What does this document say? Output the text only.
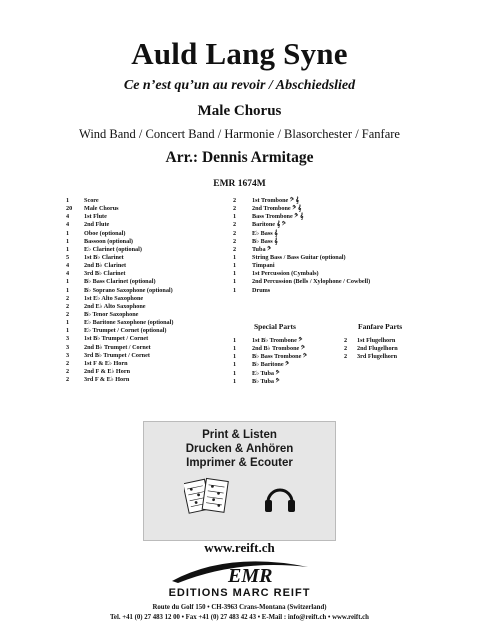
Auld Lang Syne
Ce n’est qu’un au revoir / Abschiedslied
Male Chorus
Wind Band / Concert Band / Harmonie / Blasorchester / Fanfare
Arr.: Dennis Armitage
EMR 1674M
1 Score
20 Male Chorus
4 1st Flute
4 2nd Flute
1 Oboe (optional)
1 Bassoon (optional)
1 E♭ Clarinet (optional)
5 1st B♭ Clarinet
4 2nd B♭ Clarinet
4 3rd B♭ Clarinet
1 B♭ Bass Clarinet (optional)
1 B♭ Soprano Saxophone (optional)
2 1st E♭ Alto Saxophone
2 2nd E♭ Alto Saxophone
2 B♭ Tenor Saxophone
1 E♭ Baritone Saxophone (optional)
1 E♭ Trumpet / Cornet (optional)
3 1st B♭ Trumpet / Cornet
3 2nd B♭ Trumpet / Cornet
3 3rd B♭ Trumpet / Cornet
2 1st F & E♭ Horn
2 2nd F & E♭ Horn
2 3rd F & E♭ Horn
2	1st Trombone 𝄢 𝄞
2	2nd Trombone 𝄢 𝄞
1	Bass Trombone 𝄢 𝄞
2	Baritone 𝄞 𝄢
2	E♭ Bass 𝄞
2	B♭ Bass 𝄞
2	Tuba 𝄢
1	String Bass / Bass Guitar (optional)
1	Timpani
1	1st Percussion (Cymbals)
1	2nd Percussion (Bells / Xylophone / Cowbell)
1	Drums
Special Parts
1	1st B♭ Trombone 𝄢
1	2nd B♭ Trombone 𝄢
1	B♭ Bass Trombone 𝄢
1	B♭ Baritone 𝄢
1	E♭ Tuba 𝄢
1	B♭ Tuba 𝄢
Fanfare Parts
2 1st Flugelhorn
2 2nd Flugelhorn
2 3rd Flugelhorn
Print & Listen
Drucken & Anhören
Imprimer & Ecouter
www.reift.ch
EMR
EDITIONS MARC REIFT
Route du Golf 150 • CH-3963 Crans-Montana (Switzerland)
Tel. +41 (0) 27 483 12 00 • Fax +41 (0) 27 483 42 43 • E-Mail : info@reift.ch • www.reift.ch
